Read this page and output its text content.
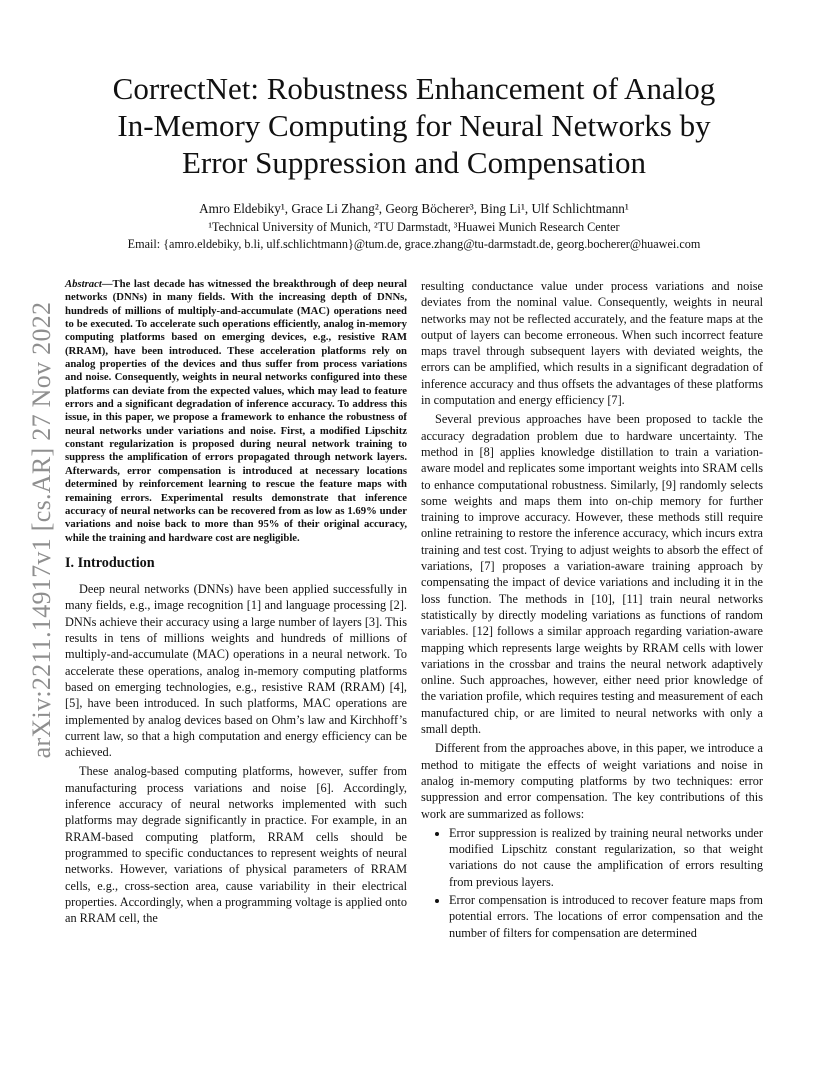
arXiv:2211.14917v1 [cs.AR] 27 Nov 2022
CorrectNet: Robustness Enhancement of Analog
In-Memory Computing for Neural Networks by
Error Suppression and Compensation
Amro Eldebiky¹, Grace Li Zhang², Georg Böcherer³, Bing Li¹, Ulf Schlichtmann¹
¹Technical University of Munich, ²TU Darmstadt, ³Huawei Munich Research Center
Email: {amro.eldebiky, b.li, ulf.schlichtmann}@tum.de, grace.zhang@tu-darmstadt.de, georg.bocherer@huawei.com

Abstract—The last decade has witnessed the breakthrough of deep neural networks (DNNs) in many fields. With the increasing depth of DNNs, hundreds of millions of multiply-and-accumulate (MAC) operations need to be executed. To accelerate such operations efficiently, analog in-memory computing platforms based on emerging devices, e.g., resistive RAM (RRAM), have been introduced. These acceleration platforms rely on analog properties of the devices and thus suffer from process variations and noise. Consequently, weights in neural networks configured into these platforms can deviate from the expected values, which may lead to feature errors and a significant degradation of inference accuracy. To address this issue, in this paper, we propose a framework to enhance the robustness of neural networks under variations and noise. First, a modified Lipschitz constant regularization is proposed during neural network training to suppress the amplification of errors propagated through network layers. Afterwards, error compensation is introduced at necessary locations determined by reinforcement learning to rescue the feature maps with remaining errors. Experimental results demonstrate that inference accuracy of neural networks can be recovered from as low as 1.69% under variations and noise back to more than 95% of their original accuracy, while the training and hardware cost are negligible.

I. Introduction

Deep neural networks (DNNs) have been applied successfully in many fields, e.g., image recognition [1] and language processing [2]. DNNs achieve their accuracy using a large number of layers [3]. This results in tens of millions weights and hundreds of millions of multiply-and-accumulate (MAC) operations in a neural network. To accelerate these operations, analog in-memory computing platforms based on emerging technologies, e.g., resistive RAM (RRAM) [4], [5], have been introduced. In such platforms, MAC operations are implemented by analog devices based on Ohm’s law and Kirchhoff’s current law, so that a high computation and energy efficiency can be achieved.

These analog-based computing platforms, however, suffer from manufacturing process variations and noise [6]. Accordingly, inference accuracy of neural networks implemented with such platforms may degrade significantly in practice. For example, in an RRAM-based computing platform, RRAM cells should be programmed to specific conductances to represent weights of neural networks. However, variations of physical parameters of RRAM cells, e.g., cross-section area, cause variability in their electrical properties. Accordingly, when a programming voltage is applied onto an RRAM cell, the

resulting conductance value under process variations and noise deviates from the nominal value. Consequently, weights in neural networks may not be reflected accurately, and the feature maps at the output of layers can become erroneous. When such incorrect feature maps travel through subsequent layers with deviated weights, the errors can be amplified, which results in a significant degradation of inference accuracy and thus offsets the advantages of these platforms in computation and energy efficiency [7].

Several previous approaches have been proposed to tackle the accuracy degradation problem due to hardware uncertainty. The method in [8] applies knowledge distillation to train a variation-aware model and replicates some important weights into SRAM cells to enhance computational robustness. Similarly, [9] randomly selects some weights and maps them into on-chip memory for further training to improve accuracy. However, these methods still require online retraining to restore the inference accuracy, which incurs extra training and test cost. Trying to adjust weights to absorb the effect of variations, [7] proposes a variation-aware training approach by compensating the impact of device variations and including it in the loss function. The methods in [10], [11] train neural networks statistically by directly modeling variations as functions of random variables. [12] follows a similar approach regarding variation-aware mapping which represents large weights by RRAM cells with lower variations in the crossbar and trains the neural network adaptively online. Such approaches, however, either need prior knowledge of the variation profile, which requires testing and measurement of each manufactured chip, or are limited to neural networks with only a small depth.

Different from the approaches above, in this paper, we introduce a method to mitigate the effects of weight variations and noise in analog in-memory computing platforms by two techniques: error suppression and error compensation. The key contributions of this work are summarized as follows:

• Error suppression is realized by training neural networks under modified Lipschitz constant regularization, so that weight variations do not cause the amplification of errors resulting from previous layers.
• Error compensation is introduced to recover feature maps from potential errors. The locations of error compensation and the number of filters for compensation are determined
